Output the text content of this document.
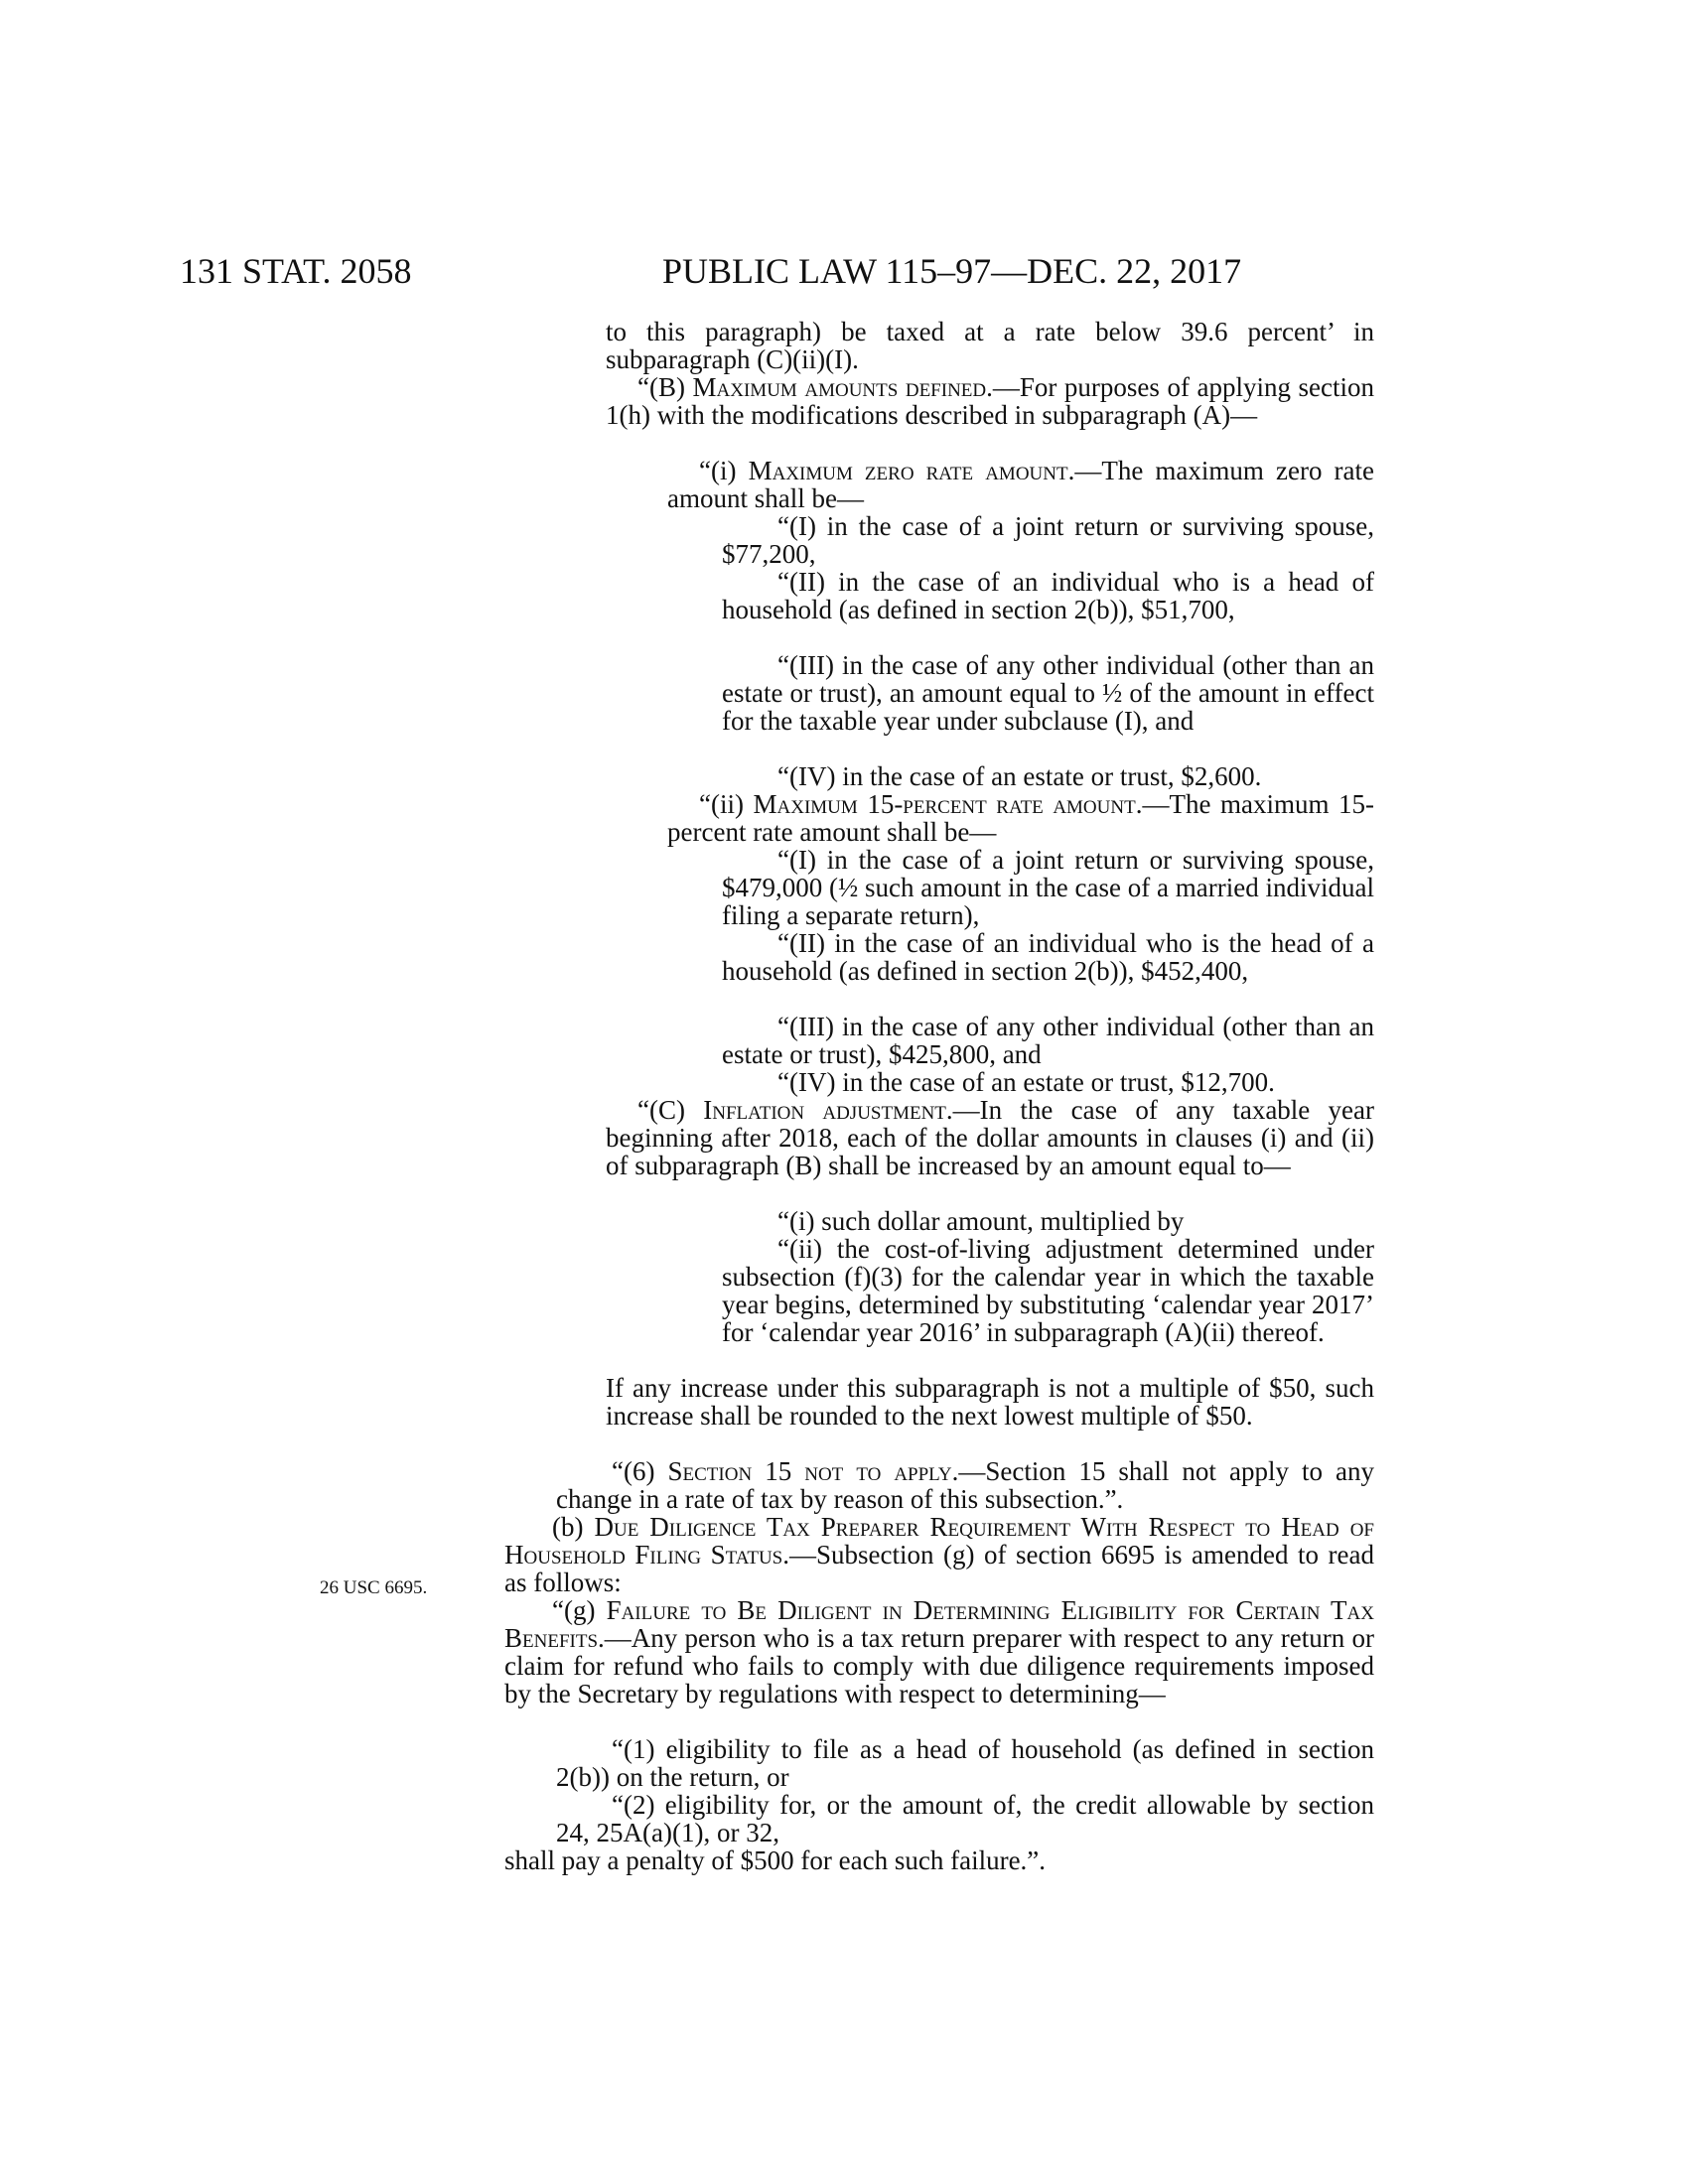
131 STAT. 2058	PUBLIC LAW 115–97—DEC. 22, 2017
26 USC 6695.

to this paragraph) be taxed at a rate below 39.6 percent’ in subparagraph (C)(ii)(I).

“(B) Maximum amounts defined.—For purposes of applying section 1(h) with the modifications described in subparagraph (A)—

“(i) Maximum zero rate amount.—The maximum zero rate amount shall be—

“(I) in the case of a joint return or surviving spouse, $77,200,

“(II) in the case of an individual who is a head of household (as defined in section 2(b)), $51,700,

“(III) in the case of any other individual (other than an estate or trust), an amount equal to ½ of the amount in effect for the taxable year under subclause (I), and

“(IV) in the case of an estate or trust, $2,600.

“(ii) Maximum 15-percent rate amount.—The maximum 15-percent rate amount shall be—

“(I) in the case of a joint return or surviving spouse, $479,000 (½ such amount in the case of a married individual filing a separate return),

“(II) in the case of an individual who is the head of a household (as defined in section 2(b)), $452,400,

“(III) in the case of any other individual (other than an estate or trust), $425,800, and

“(IV) in the case of an estate or trust, $12,700.

“(C) Inflation adjustment.—In the case of any taxable year beginning after 2018, each of the dollar amounts in clauses (i) and (ii) of subparagraph (B) shall be increased by an amount equal to—

“(i) such dollar amount, multiplied by

“(ii) the cost-of-living adjustment determined under subsection (f)(3) for the calendar year in which the taxable year begins, determined by substituting ‘calendar year 2017’ for ‘calendar year 2016’ in subparagraph (A)(ii) thereof.

If any increase under this subparagraph is not a multiple of $50, such increase shall be rounded to the next lowest multiple of $50.

“(6) Section 15 not to apply.—Section 15 shall not apply to any change in a rate of tax by reason of this subsection.”.

(b) Due Diligence Tax Preparer Requirement With Respect to Head of Household Filing Status.—Subsection (g) of section 6695 is amended to read as follows:

“(g) Failure to Be Diligent in Determining Eligibility for Certain Tax Benefits.—Any person who is a tax return preparer with respect to any return or claim for refund who fails to comply with due diligence requirements imposed by the Secretary by regulations with respect to determining—

“(1) eligibility to file as a head of household (as defined in section 2(b)) on the return, or

“(2) eligibility for, or the amount of, the credit allowable by section 24, 25A(a)(1), or 32,

shall pay a penalty of $500 for each such failure.”.
